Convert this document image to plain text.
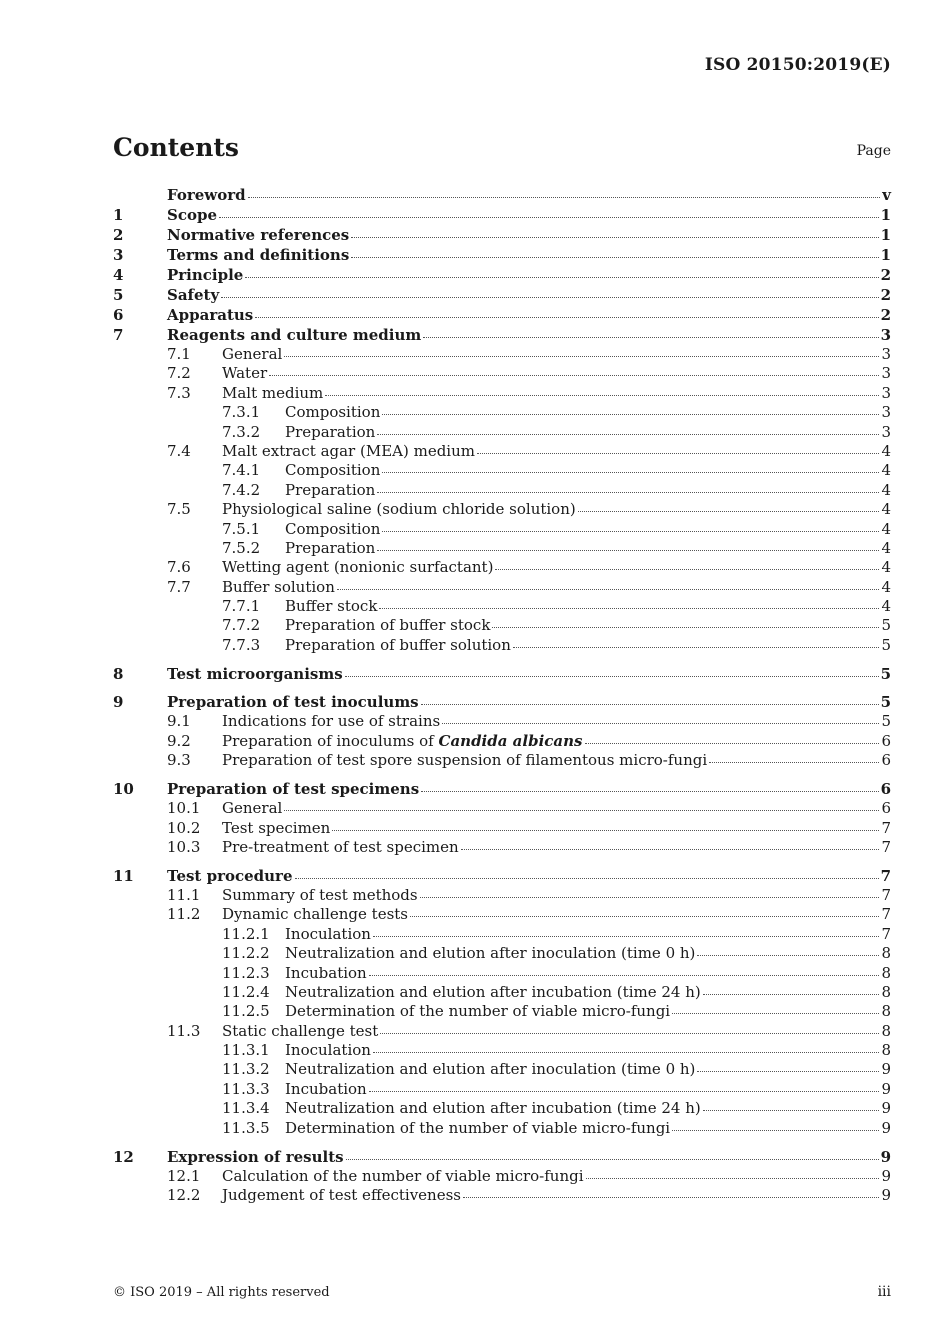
ISO 20150:2019(E)
Contents	Page
Foreword	v
1	Scope	1
2	Normative references	1
3	Terms and definitions	1
4	Principle	2
5	Safety	2
6	Apparatus	2
7	Reagents and culture medium	3
7.1	General	3
7.2	Water	3
7.3	Malt medium	3
7.3.1	Composition	3
7.3.2	Preparation	3
7.4	Malt extract agar (MEA) medium	4
7.4.1	Composition	4
7.4.2	Preparation	4
7.5	Physiological saline (sodium chloride solution)	4
7.5.1	Composition	4
7.5.2	Preparation	4
7.6	Wetting agent (nonionic surfactant)	4
7.7	Buffer solution	4
7.7.1	Buffer stock	4
7.7.2	Preparation of buffer stock	5
7.7.3	Preparation of buffer solution	5
8	Test microorganisms	5
9	Preparation of test inoculums	5
9.1	Indications for use of strains	5
9.2	Preparation of inoculums of Candida albicans	6
9.3	Preparation of test spore suspension of filamentous micro-fungi	6
10	Preparation of test specimens	6
10.1	General	6
10.2	Test specimen	7
10.3	Pre-treatment of test specimen	7
11	Test procedure	7
11.1	Summary of test methods	7
11.2	Dynamic challenge tests	7
11.2.1	Inoculation	7
11.2.2	Neutralization and elution after inoculation (time 0 h)	8
11.2.3	Incubation	8
11.2.4	Neutralization and elution after incubation (time 24 h)	8
11.2.5	Determination of the number of viable micro-fungi	8
11.3	Static challenge test	8
11.3.1	Inoculation	8
11.3.2	Neutralization and elution after inoculation (time 0 h)	9
11.3.3	Incubation	9
11.3.4	Neutralization and elution after incubation (time 24 h)	9
11.3.5	Determination of the number of viable micro-fungi	9
12	Expression of results	9
12.1	Calculation of the number of viable micro-fungi	9
12.2	Judgement of test effectiveness	9
© ISO 2019 – All rights reserved	iii
